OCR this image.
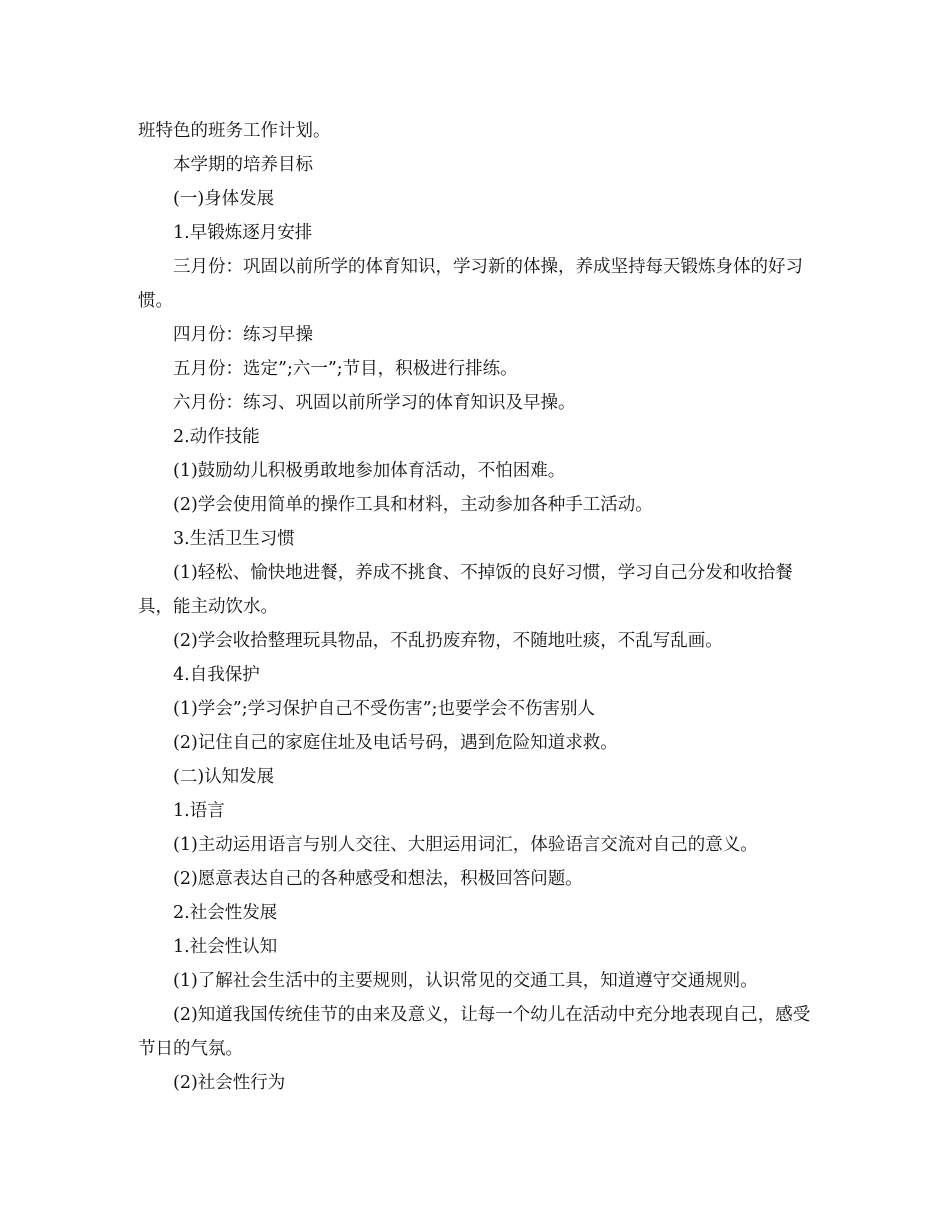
班特色的班务工作计划。

本学期的培养目标

(一)身体发展

1.早锻炼逐月安排

三月份：巩固以前所学的体育知识，学习新的体操，养成坚持每天锻炼身体的好习惯。

四月份：练习早操

五月份：选定”;六一”;节目，积极进行排练。

六月份：练习、巩固以前所学习的体育知识及早操。

2.动作技能

(1)鼓励幼儿积极勇敢地参加体育活动，不怕困难。

(2)学会使用简单的操作工具和材料，主动参加各种手工活动。

3.生活卫生习惯

(1)轻松、愉快地进餐，养成不挑食、不掉饭的良好习惯，学习自己分发和收拾餐具，能主动饮水。

(2)学会收拾整理玩具物品，不乱扔废弃物，不随地吐痰，不乱写乱画。

4.自我保护

(1)学会”;学习保护自己不受伤害”;也要学会不伤害别人

(2)记住自己的家庭住址及电话号码，遇到危险知道求救。

(二)认知发展

1.语言

(1)主动运用语言与别人交往、大胆运用词汇，体验语言交流对自己的意义。

(2)愿意表达自己的各种感受和想法，积极回答问题。

2.社会性发展

1.社会性认知

(1)了解社会生活中的主要规则，认识常见的交通工具，知道遵守交通规则。

(2)知道我国传统佳节的由来及意义，让每一个幼儿在活动中充分地表现自己，感受节日的气氛。

(2)社会性行为
